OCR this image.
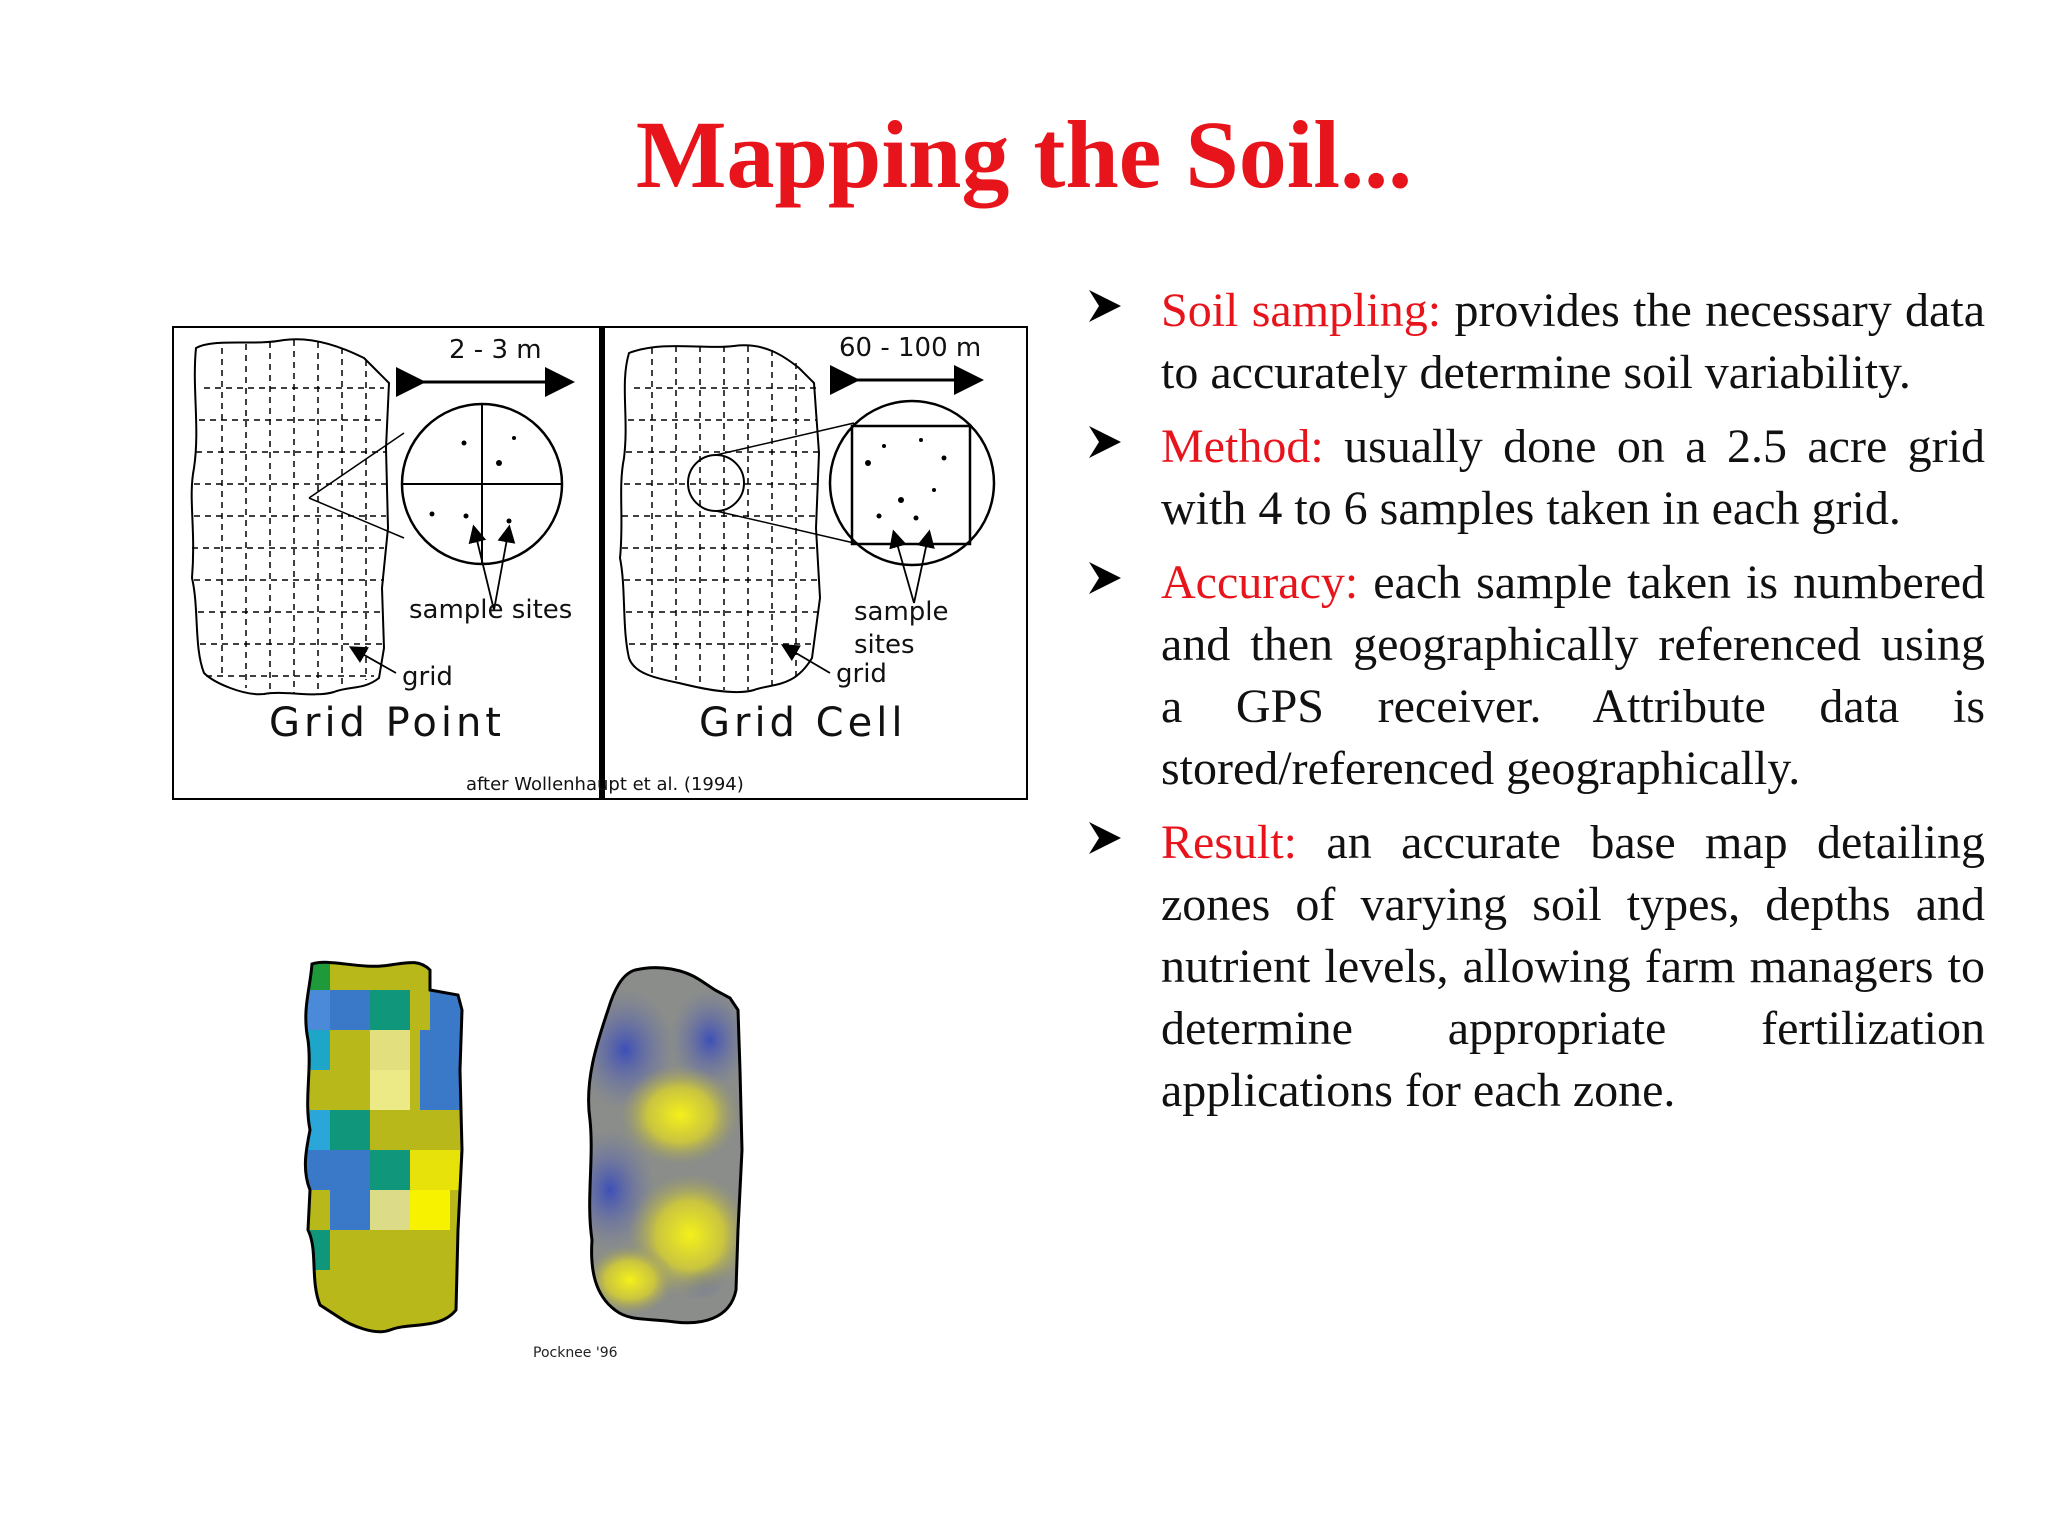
Mapping the Soil...
2 - 3 m
sample sites
grid
Grid Point
60 - 100 m
sample
sites
grid
Grid Cell
after Wollenhaupt et al. (1994)
Pocknee '96
Soil sampling: provides the necessary data to accurately determine soil variability.
Method: usually done on a 2.5 acre grid with 4 to 6 samples taken in each grid.
Accuracy: each sample taken is numbered and then geographically referenced using a GPS receiver. Attribute data is stored/referenced geographically.
Result: an accurate base map detailing zones of varying soil types, depths and nutrient levels, allowing farm managers to determine appropriate fertilization applications for each zone.
